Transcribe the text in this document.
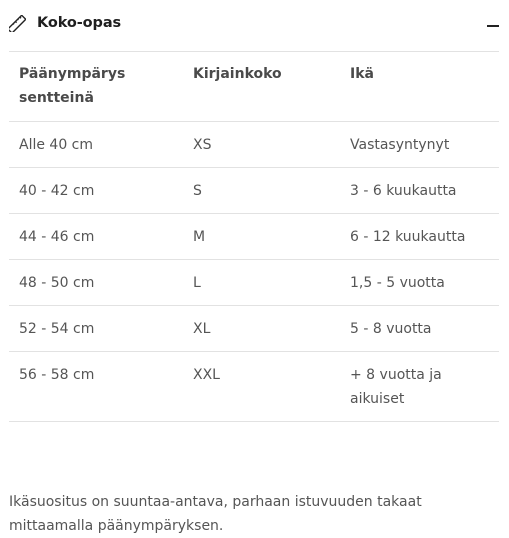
Koko-opas
Päänympärys sentteinä	Kirjainkoko	Ikä

Alle 40 cm	XS	Vastasyntynyt

40 - 42 cm	S	3 - 6 kuukautta

44 - 46 cm	M	6 - 12 kuukautta

48 - 50 cm	L	1,5 - 5 vuotta

52 - 54 cm	XL	5 - 8 vuotta

56 - 58 cm	XXL	+ 8 vuotta ja aikuiset

Ikäsuositus on suuntaa-antava, parhaan istuvuuden takaat mittaamalla päänympäryksen.
